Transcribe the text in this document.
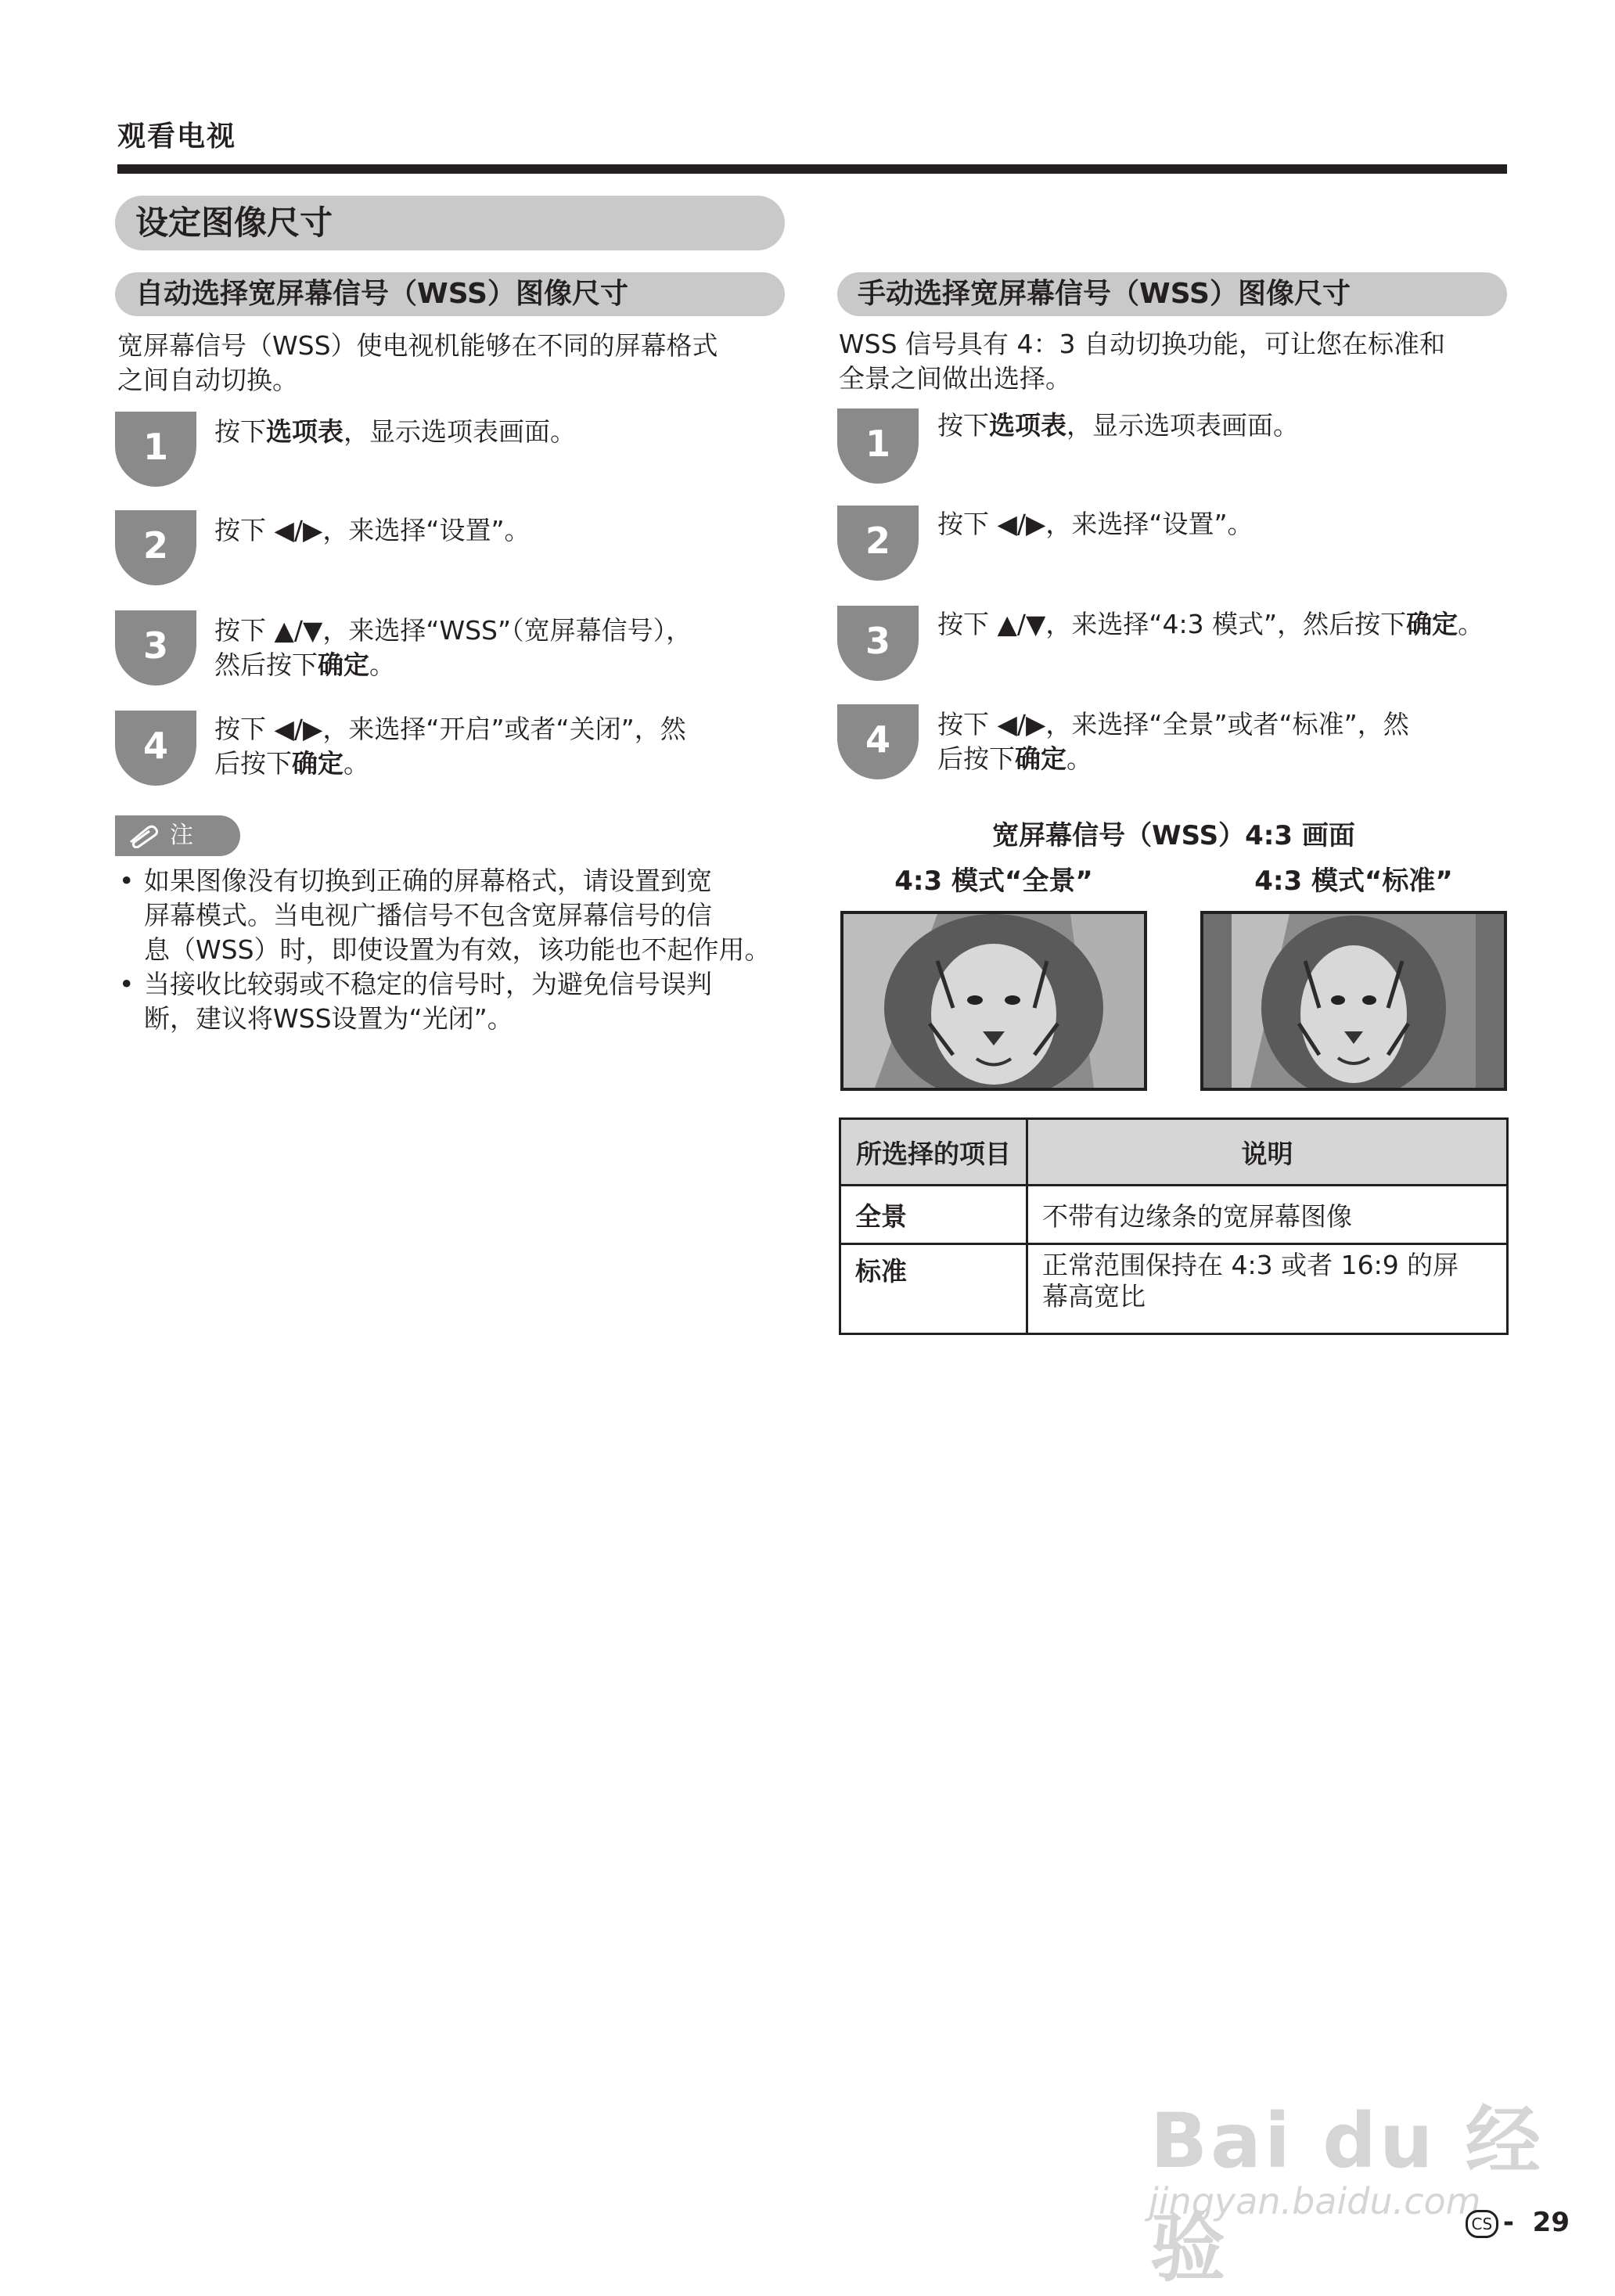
观看电视
设定图像尺寸
自动选择宽屏幕信号（WSS）图像尺寸
宽屏幕信号（WSS）使电视机能够在不同的屏幕格式
之间自动切换。
1	按下选项表，显示选项表画面。
2	按下 ◀/▶，来选择“设置”。
3	按下 ▲/▼，来选择“WSS”（宽屏幕信号），
然后按下确定。
4	按下 ◀/▶，来选择“开启”或者“关闭”，然
后按下确定。
注
• 如果图像没有切换到正确的屏幕格式，请设置到宽
屏幕模式。当电视广播信号不包含宽屏幕信号的信
息（WSS）时，即使设置为有效，该功能也不起作用。
• 当接收比较弱或不稳定的信号时，为避免信号误判
断，建议将WSS设置为“光闭”。
手动选择宽屏幕信号（WSS）图像尺寸
WSS 信号具有 4：3 自动切换功能，可让您在标准和
全景之间做出选择。
1	按下选项表，显示选项表画面。
2	按下 ◀/▶，来选择“设置”。
3	按下 ▲/▼，来选择“4:3 模式”，然后按下确定。
4	按下 ◀/▶，来选择“全景”或者“标准”，然
后按下确定。
宽屏幕信号（WSS）4:3 画面
4:3 模式“全景”	4:3 模式“标准”
所选择的项目	说明
全景	不带有边缘条的宽屏幕图像
标准	正常范围保持在 4:3 或者 16:9 的屏
幕高宽比
Bai du 经验
jingyan.baidu.com
CS - 29
